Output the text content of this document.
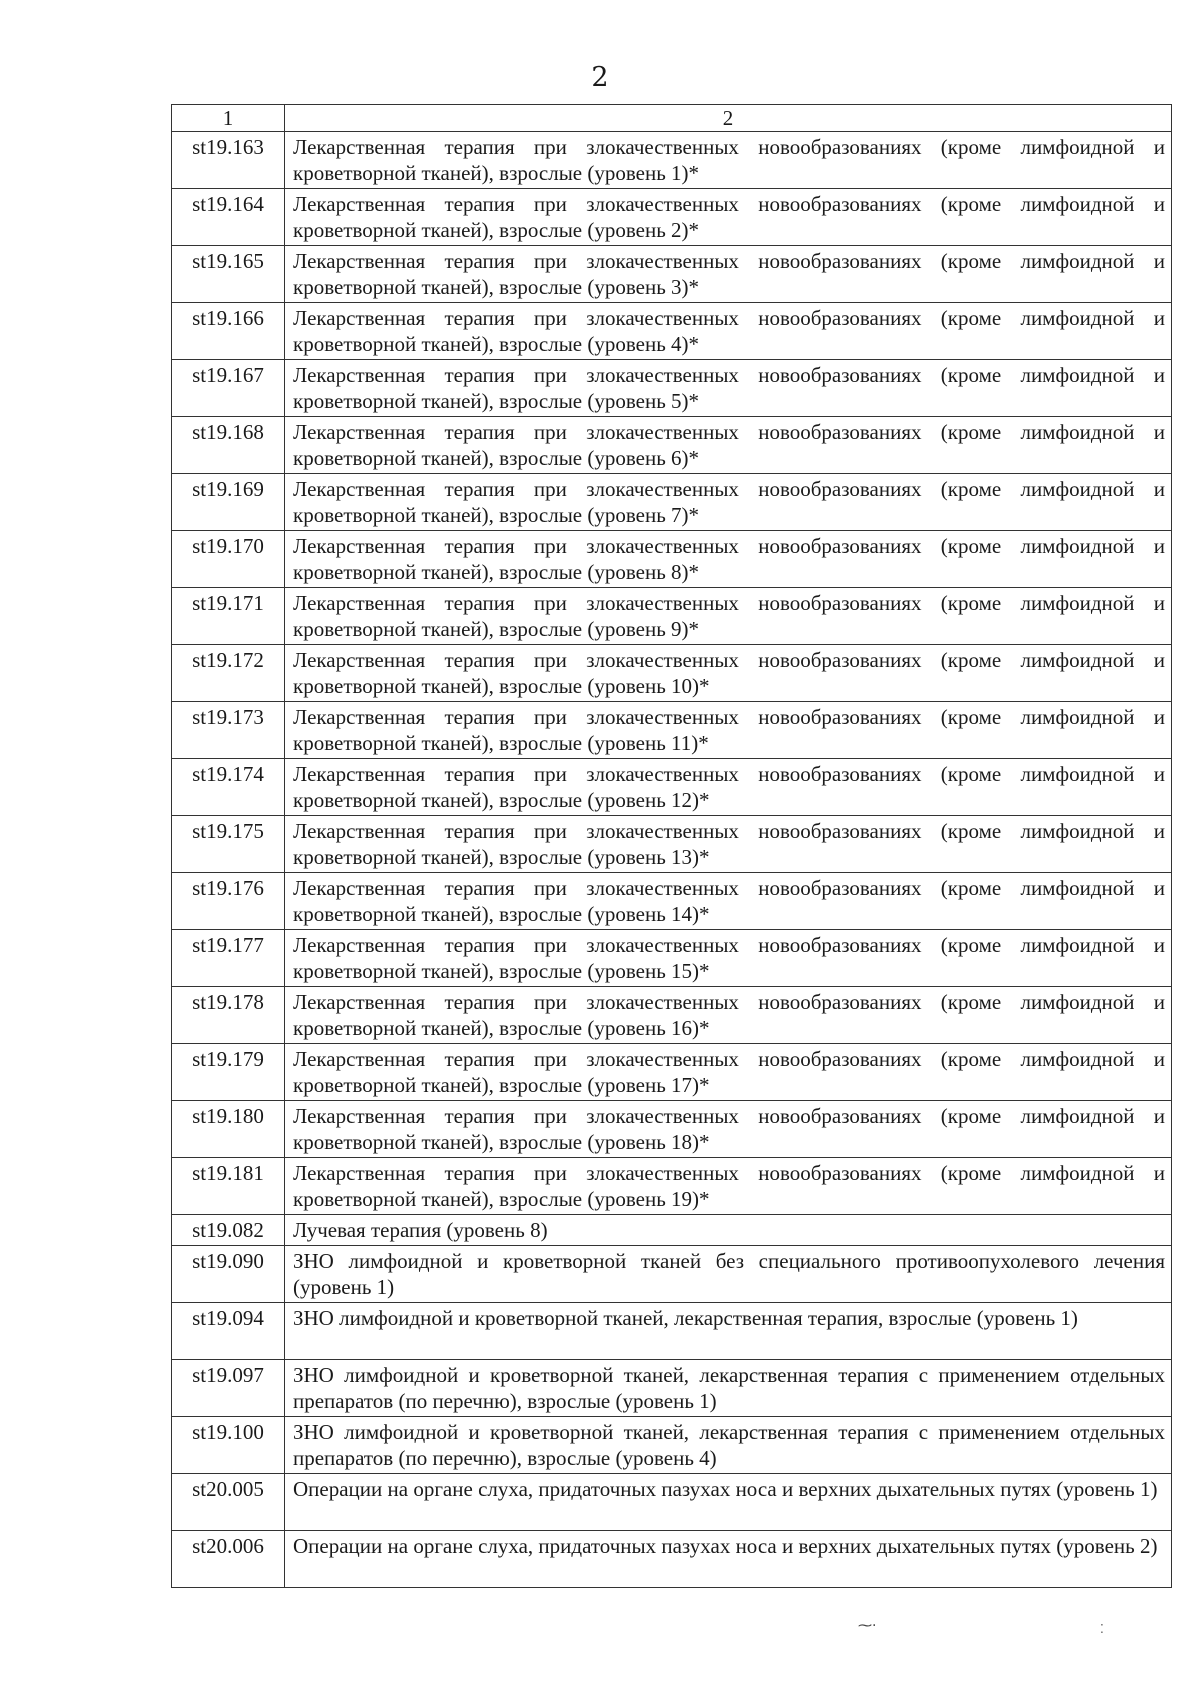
2
1	2
st19.163	Лекарственная терапия при злокачественных новообразованиях (кроме лимфоидной и кроветворной тканей), взрослые (уровень 1)*
st19.164	Лекарственная терапия при злокачественных новообразованиях (кроме лимфоидной и кроветворной тканей), взрослые (уровень 2)*
st19.165	Лекарственная терапия при злокачественных новообразованиях (кроме лимфоидной и кроветворной тканей), взрослые (уровень 3)*
st19.166	Лекарственная терапия при злокачественных новообразованиях (кроме лимфоидной и кроветворной тканей), взрослые (уровень 4)*
st19.167	Лекарственная терапия при злокачественных новообразованиях (кроме лимфоидной и кроветворной тканей), взрослые (уровень 5)*
st19.168	Лекарственная терапия при злокачественных новообразованиях (кроме лимфоидной и кроветворной тканей), взрослые (уровень 6)*
st19.169	Лекарственная терапия при злокачественных новообразованиях (кроме лимфоидной и кроветворной тканей), взрослые (уровень 7)*
st19.170	Лекарственная терапия при злокачественных новообразованиях (кроме лимфоидной и кроветворной тканей), взрослые (уровень 8)*
st19.171	Лекарственная терапия при злокачественных новообразованиях (кроме лимфоидной и кроветворной тканей), взрослые (уровень 9)*
st19.172	Лекарственная терапия при злокачественных новообразованиях (кроме лимфоидной и кроветворной тканей), взрослые (уровень 10)*
st19.173	Лекарственная терапия при злокачественных новообразованиях (кроме лимфоидной и кроветворной тканей), взрослые (уровень 11)*
st19.174	Лекарственная терапия при злокачественных новообразованиях (кроме лимфоидной и кроветворной тканей), взрослые (уровень 12)*
st19.175	Лекарственная терапия при злокачественных новообразованиях (кроме лимфоидной и кроветворной тканей), взрослые (уровень 13)*
st19.176	Лекарственная терапия при злокачественных новообразованиях (кроме лимфоидной и кроветворной тканей), взрослые (уровень 14)*
st19.177	Лекарственная терапия при злокачественных новообразованиях (кроме лимфоидной и кроветворной тканей), взрослые (уровень 15)*
st19.178	Лекарственная терапия при злокачественных новообразованиях (кроме лимфоидной и кроветворной тканей), взрослые (уровень 16)*
st19.179	Лекарственная терапия при злокачественных новообразованиях (кроме лимфоидной и кроветворной тканей), взрослые (уровень 17)*
st19.180	Лекарственная терапия при злокачественных новообразованиях (кроме лимфоидной и кроветворной тканей), взрослые (уровень 18)*
st19.181	Лекарственная терапия при злокачественных новообразованиях (кроме лимфоидной и кроветворной тканей), взрослые (уровень 19)*
st19.082	Лучевая терапия (уровень 8)
st19.090	ЗНО лимфоидной и кроветворной тканей без специального противоопухолевого лечения (уровень 1)
st19.094	ЗНО лимфоидной и кроветворной тканей, лекарственная терапия, взрослые (уровень 1)
st19.097	ЗНО лимфоидной и кроветворной тканей, лекарственная терапия с применением отдельных препаратов (по перечню), взрослые (уровень 1)
st19.100	ЗНО лимфоидной и кроветворной тканей, лекарственная терапия с применением отдельных препаратов (по перечню), взрослые (уровень 4)
st20.005	Операции на органе слуха, придаточных пазухах носа и верхних дыхательных путях (уровень 1)
st20.006	Операции на органе слуха, придаточных пазухах носа и верхних дыхательных путях (уровень 2)
⁓·	⁚
